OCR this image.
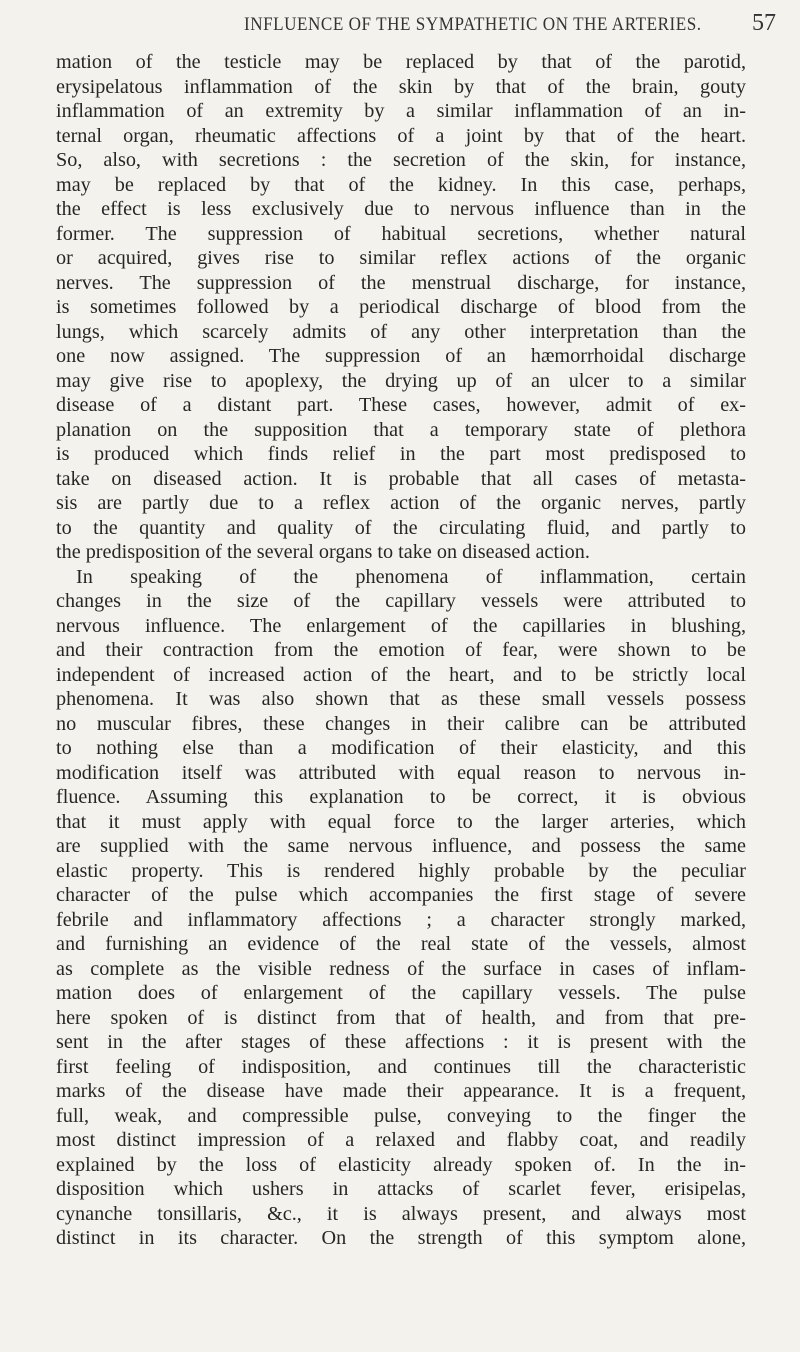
INFLUENCE OF THE SYMPATHETIC ON THE ARTERIES. 57
mation of the testicle may be replaced by that of the parotid,
erysipelatous inflammation of the skin by that of the brain, gouty
inflammation of an extremity by a similar inflammation of an in-
ternal organ, rheumatic affections of a joint by that of the heart.
So, also, with secretions : the secretion of the skin, for instance,
may be replaced by that of the kidney. In this case, perhaps,
the effect is less exclusively due to nervous influence than in the
former. The suppression of habitual secretions, whether natural
or acquired, gives rise to similar reflex actions of the organic
nerves. The suppression of the menstrual discharge, for instance,
is sometimes followed by a periodical discharge of blood from the
lungs, which scarcely admits of any other interpretation than the
one now assigned. The suppression of an hæmorrhoidal discharge
may give rise to apoplexy, the drying up of an ulcer to a similar
disease of a distant part. These cases, however, admit of ex-
planation on the supposition that a temporary state of plethora
is produced which finds relief in the part most predisposed to
take on diseased action. It is probable that all cases of metasta-
sis are partly due to a reflex action of the organic nerves, partly
to the quantity and quality of the circulating fluid, and partly to
the predisposition of the several organs to take on diseased action.
In speaking of the phenomena of inflammation, certain
changes in the size of the capillary vessels were attributed to
nervous influence. The enlargement of the capillaries in blushing,
and their contraction from the emotion of fear, were shown to be
independent of increased action of the heart, and to be strictly local
phenomena. It was also shown that as these small vessels possess
no muscular fibres, these changes in their calibre can be attributed
to nothing else than a modification of their elasticity, and this
modification itself was attributed with equal reason to nervous in-
fluence. Assuming this explanation to be correct, it is obvious
that it must apply with equal force to the larger arteries, which
are supplied with the same nervous influence, and possess the same
elastic property. This is rendered highly probable by the peculiar
character of the pulse which accompanies the first stage of severe
febrile and inflammatory affections ; a character strongly marked,
and furnishing an evidence of the real state of the vessels, almost
as complete as the visible redness of the surface in cases of inflam-
mation does of enlargement of the capillary vessels. The pulse
here spoken of is distinct from that of health, and from that pre-
sent in the after stages of these affections : it is present with the
first feeling of indisposition, and continues till the characteristic
marks of the disease have made their appearance. It is a frequent,
full, weak, and compressible pulse, conveying to the finger the
most distinct impression of a relaxed and flabby coat, and readily
explained by the loss of elasticity already spoken of. In the in-
disposition which ushers in attacks of scarlet fever, erisipelas,
cynanche tonsillaris, &c., it is always present, and always most
distinct in its character. On the strength of this symptom alone,
